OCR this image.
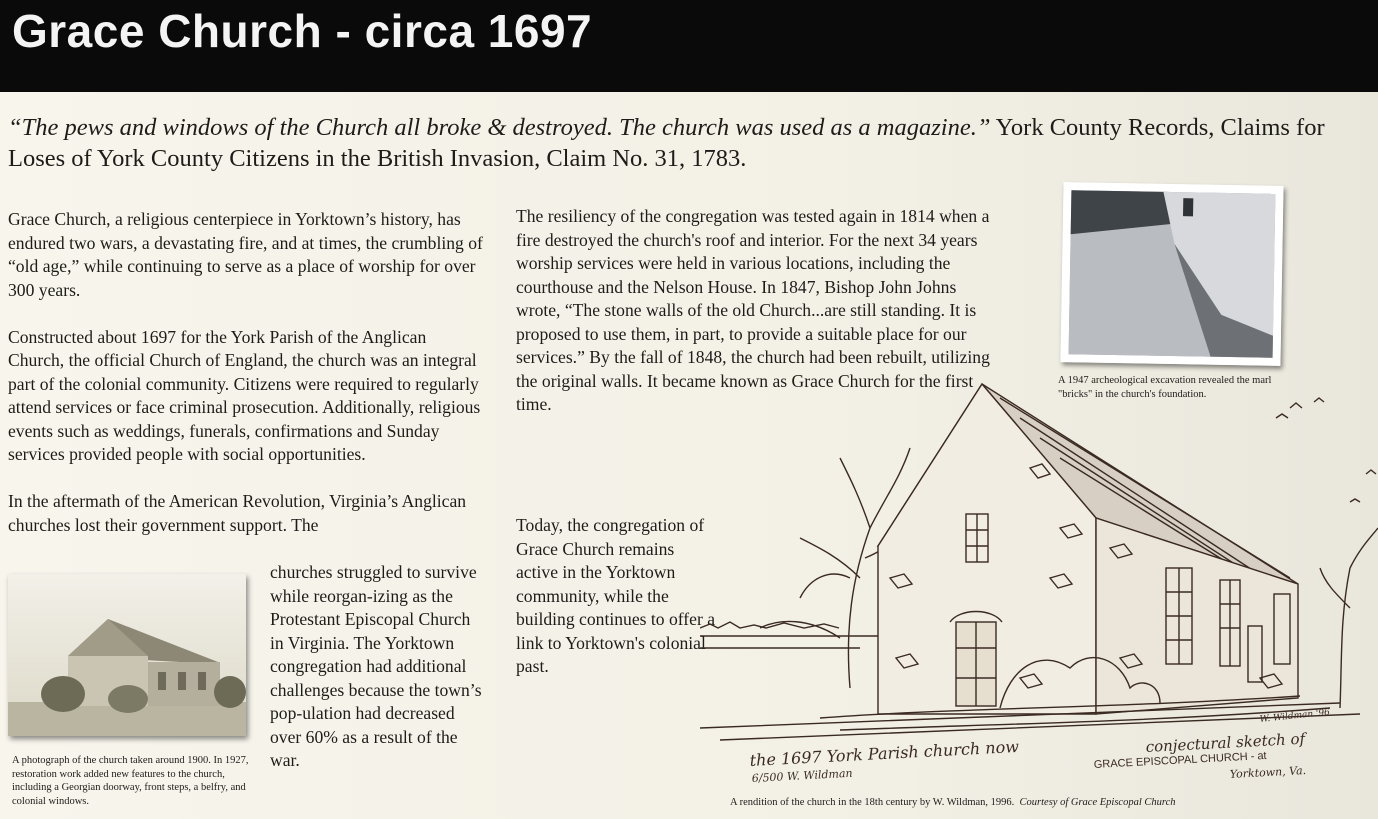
Grace Church - circa 1697
“The pews and windows of the Church all broke & destroyed. The church was used as a magazine.” York County Records, Claims for Loses of York County Citizens in the British Invasion, Claim No. 31, 1783.

Grace Church, a religious centerpiece in Yorktown’s history, has endured two wars, a devastating fire, and at times, the crumbling of “old age,” while continuing to serve as a place of worship for over 300 years.

Constructed about 1697 for the York Parish of the Anglican Church, the official Church of England, the church was an integral part of the colonial community. Citizens were required to regularly attend services or face criminal prosecution. Additionally, religious events such as weddings, funerals, confirmations and Sunday services provided people with social opportunities.

In the aftermath of the American Revolution, Virginia’s Anglican churches lost their government support. The

churches struggled to survive while reorgan-izing as the Protestant Episcopal Church in Virginia. The Yorktown congregation had additional challenges because the town’s pop-ulation had decreased over 60% as a result of the war.

The resiliency of the congregation was tested again in 1814 when a fire destroyed the church's roof and interior. For the next 34 years worship services were held in various locations, including the courthouse and the Nelson House. In 1847, Bishop John Johns wrote, “The stone walls of the old Church...are still standing. It is proposed to use them, in part, to provide a suitable place for our services.” By the fall of 1848, the church had been rebuilt, utilizing the original walls. It became known as Grace Church for the first time.

Today, the congregation of Grace Church remains active in the Yorktown community, while the building continues to offer a link to Yorktown's colonial past.

A photograph of the church taken around 1900. In 1927, restoration work added new features to the church, including a Georgian doorway, front steps, a belfry, and colonial windows.
A 1947 archeological excavation revealed the marl "bricks" in the church's foundation.
the 1697 York Parish church now
6/500 W. Wildman
conjectural sketch of
GRACE EPISCOPAL CHURCH - at
Yorktown, Va.
W. Wildman '96
A rendition of the church in the 18th century by W. Wildman, 1996. Courtesy of Grace Episcopal Church
